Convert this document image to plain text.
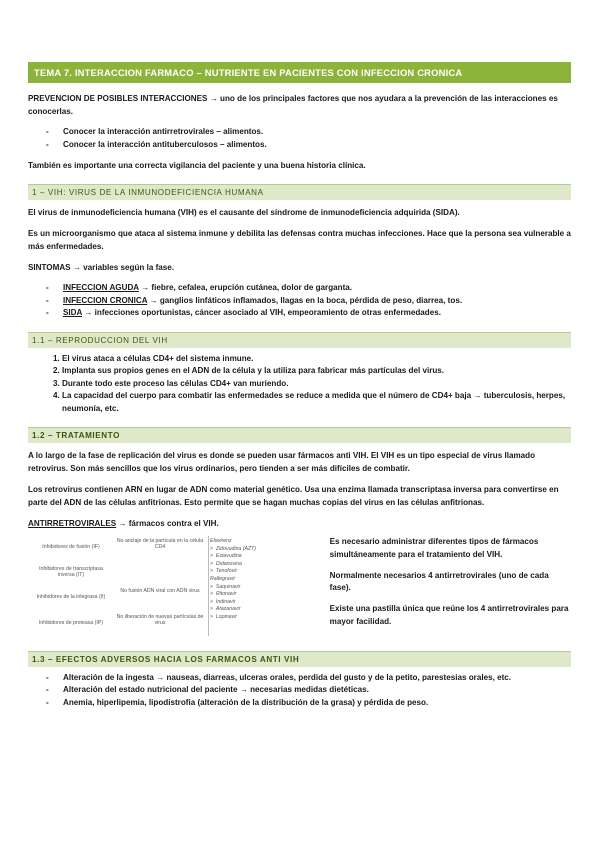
TEMA 7. INTERACCION FARMACO – NUTRIENTE EN PACIENTES CON INFECCION CRONICA

PREVENCION DE POSIBLES INTERACCIONES → uno de los principales factores que nos ayudara a la prevención de las interacciones es conocerlas.

- Conocer la interacción antirretrovirales – alimentos.
- Conocer la interacción antituberculosos – alimentos.

También es importante una correcta vigilancia del paciente y una buena historia clínica.

1 – VIH: VIRUS DE LA INMUNODEFICIENCIA HUMANA

El virus de inmunodeficiencia humana (VIH) es el causante del síndrome de inmunodeficiencia adquirida (SIDA).

Es un microorganismo que ataca al sistema inmune y debilita las defensas contra muchas infecciones. Hace que la persona sea vulnerable a más enfermedades.

SINTOMAS → variables según la fase.

- INFECCION AGUDA → fiebre, cefalea, erupción cutánea, dolor de garganta.
- INFECCION CRONICA → ganglios linfáticos inflamados, llagas en la boca, pérdida de peso, diarrea, tos.
- SIDA → infecciones oportunistas, cáncer asociado al VIH, empeoramiento de otras enfermedades.
1.1 – REPRODUCCION DEL VIH
1. El virus ataca a células CD4+ del sistema inmune.
2. Implanta sus propios genes en el ADN de la célula y la utiliza para fabricar más partículas del virus.
3. Durante todo este proceso las células CD4+ van muriendo.
4. La capacidad del cuerpo para combatir las enfermedades se reduce a medida que el número de CD4+ baja → tuberculosis, herpes, neumonía, etc.
1.2 – TRATAMIENTO

A lo largo de la fase de replicación del virus es donde se pueden usar fármacos anti VIH. El VIH es un tipo especial de virus llamado retrovirus. Son más sencillos que los virus ordinarios, pero tienden a ser más difíciles de combatir.

Los retrovirus contienen ARN en lugar de ADN como material genético. Usa una enzima llamada transcriptasa inversa para convertirse en parte del ADN de las células anfitrionas. Esto permite que se hagan muchas copias del virus en las células anfitrionas.

ANTIRRETROVIRALES → fármacos contra el VIH.

Inhibidores de fusión (IF)
Inhibidores de transcriptasa inversa (IT)
Inhibidores de la integrasa (II)
Inhibidores de proteasa (IP)
No anclaje de la partícula en la célula CD4
No fusión ADN viral con ADN virus
No liberación de nuevas partículas de virus
Efavirenz
>  Zidovudina (AZT)
>  Estavudina
>  Didanosina
>  Tenofovir
Raltegravir
>  Saquinavir
>  Ritonavir
>  Indinavir
>  Atazanavir
>  Lopinavir

Es necesario administrar diferentes tipos de fármacos simultáneamente para el tratamiento del VIH.

Normalmente necesarios 4 antirretrovirales (uno de cada fase).

Existe una pastilla única que reúne los 4 antirretrovirales para mayor facilidad.

1.3 – EFECTOS ADVERSOS HACIA LOS FARMACOS ANTI VIH
- Alteración de la ingesta → nauseas, diarreas, ulceras orales, perdida del gusto y de la petito, parestesias orales, etc.
- Alteración del estado nutricional del paciente → necesarias medidas dietéticas.
- Anemia, hiperlipemia, lipodistrofia (alteración de la distribución de la grasa) y pérdida de peso.
